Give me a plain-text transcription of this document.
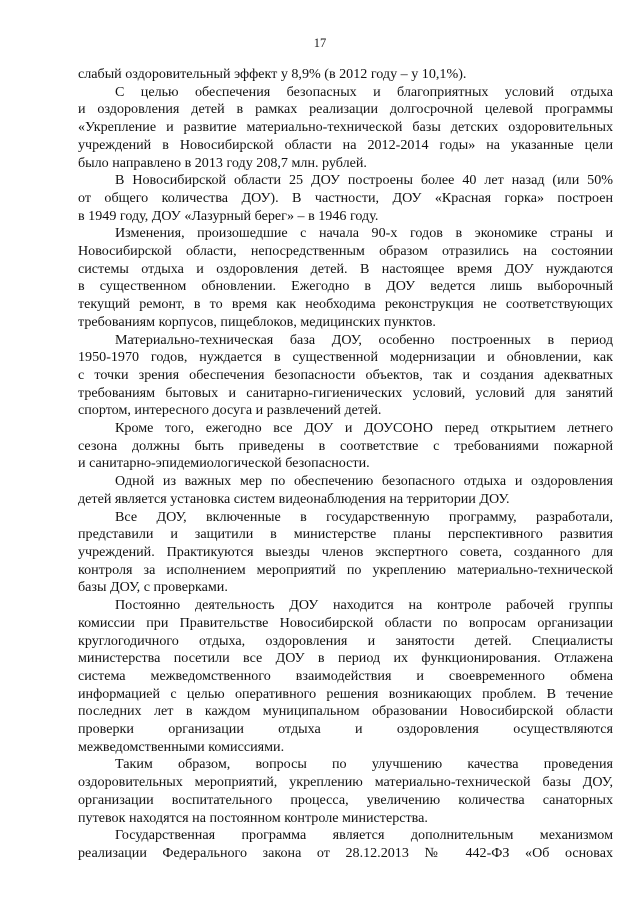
17
слабый оздоровительный эффект у 8,9% (в 2012 году – у 10,1%).
С целью обеспечения безопасных и благоприятных условий отдыха
и оздоровления детей в рамках реализации долгосрочной целевой программы
«Укрепление и развитие материально-технической базы детских оздоровительных
учреждений в Новосибирской области на 2012-2014 годы» на указанные цели
было направлено в 2013 году 208,7 млн. рублей.
В Новосибирской области 25 ДОУ построены более 40 лет назад (или 50%
от общего количества ДОУ). В частности, ДОУ «Красная горка» построен
в 1949 году, ДОУ «Лазурный берег» – в 1946 году.
Изменения, произошедшие с начала 90-х годов в экономике страны и
Новосибирской области, непосредственным образом отразились на состоянии
системы отдыха и оздоровления детей. В настоящее время ДОУ нуждаются
в существенном обновлении. Ежегодно в ДОУ ведется лишь выборочный
текущий ремонт, в то время как необходима реконструкция не соответствующих
требованиям корпусов, пищеблоков, медицинских пунктов.
Материально-техническая база ДОУ, особенно построенных в период
1950-1970 годов, нуждается в существенной модернизации и обновлении, как
с точки зрения обеспечения безопасности объектов, так и создания адекватных
требованиям бытовых и санитарно-гигиенических условий, условий для занятий
спортом, интересного досуга и развлечений детей.
Кроме того, ежегодно все ДОУ и ДОУСОНО перед открытием летнего
сезона должны быть приведены в соответствие с требованиями пожарной
и санитарно-эпидемиологической безопасности.
Одной из важных мер по обеспечению безопасного отдыха и оздоровления
детей является установка систем видеонаблюдения на территории ДОУ.
Все ДОУ, включенные в государственную программу, разработали,
представили и защитили в министерстве планы перспективного развития
учреждений. Практикуются выезды членов экспертного совета, созданного для
контроля за исполнением мероприятий по укреплению материально-технической
базы ДОУ, с проверками.
Постоянно деятельность ДОУ находится на контроле рабочей группы
комиссии при Правительстве Новосибирской области по вопросам организации
круглогодичного отдыха, оздоровления и занятости детей. Специалисты
министерства посетили все ДОУ в период их функционирования. Отлажена
система межведомственного взаимодействия и своевременного обмена
информацией с целью оперативного решения возникающих проблем. В течение
последних лет в каждом муниципальном образовании Новосибирской области
проверки организации отдыха и оздоровления осуществляются
межведомственными комиссиями.
Таким образом, вопросы по улучшению качества проведения
оздоровительных мероприятий, укреплению материально-технической базы ДОУ,
организации воспитательного процесса, увеличению количества санаторных
путевок находятся на постоянном контроле министерства.
Государственная программа является дополнительным механизмом
реализации Федерального закона от 28.12.2013 № 442-ФЗ «Об основах
